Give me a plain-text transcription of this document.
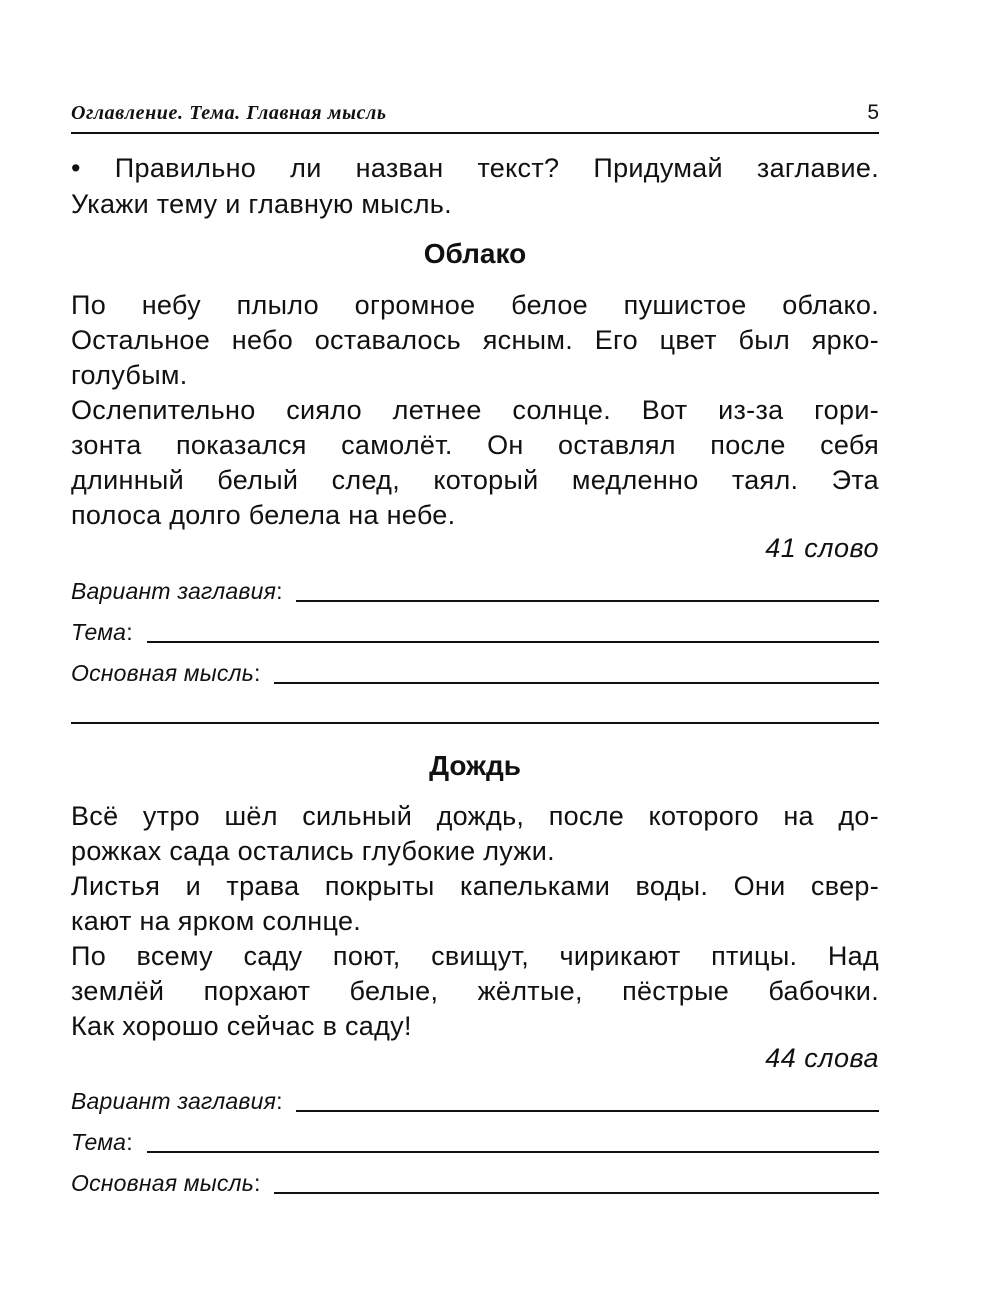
Оглавление. Тема. Главная мысль	5
• Правильно ли назван текст? Придумай заглавие.
Укажи тему и главную мысль.
Облако
По небу плыло огромное белое пушистое облако.
Остальное небо оставалось ясным. Его цвет был ярко-
голубым.
Ослепительно сияло летнее солнце. Вот из-за гори-
зонта показался самолёт. Он оставлял после себя
длинный белый след, который медленно таял. Эта
полоса долго белела на небе.
41 слово
Вариант заглавия :
Тема :
Основная мысль :
Дождь
Всё утро шёл сильный дождь, после которого на до-
рожках сада остались глубокие лужи.
Листья и трава покрыты капельками воды. Они свер-
кают на ярком солнце.
По всему саду поют, свищут, чирикают птицы. Над
землёй порхают белые, жёлтые, пёстрые бабочки.
Как хорошо сейчас в саду!
44 слова
Вариант заглавия :
Тема :
Основная мысль :
